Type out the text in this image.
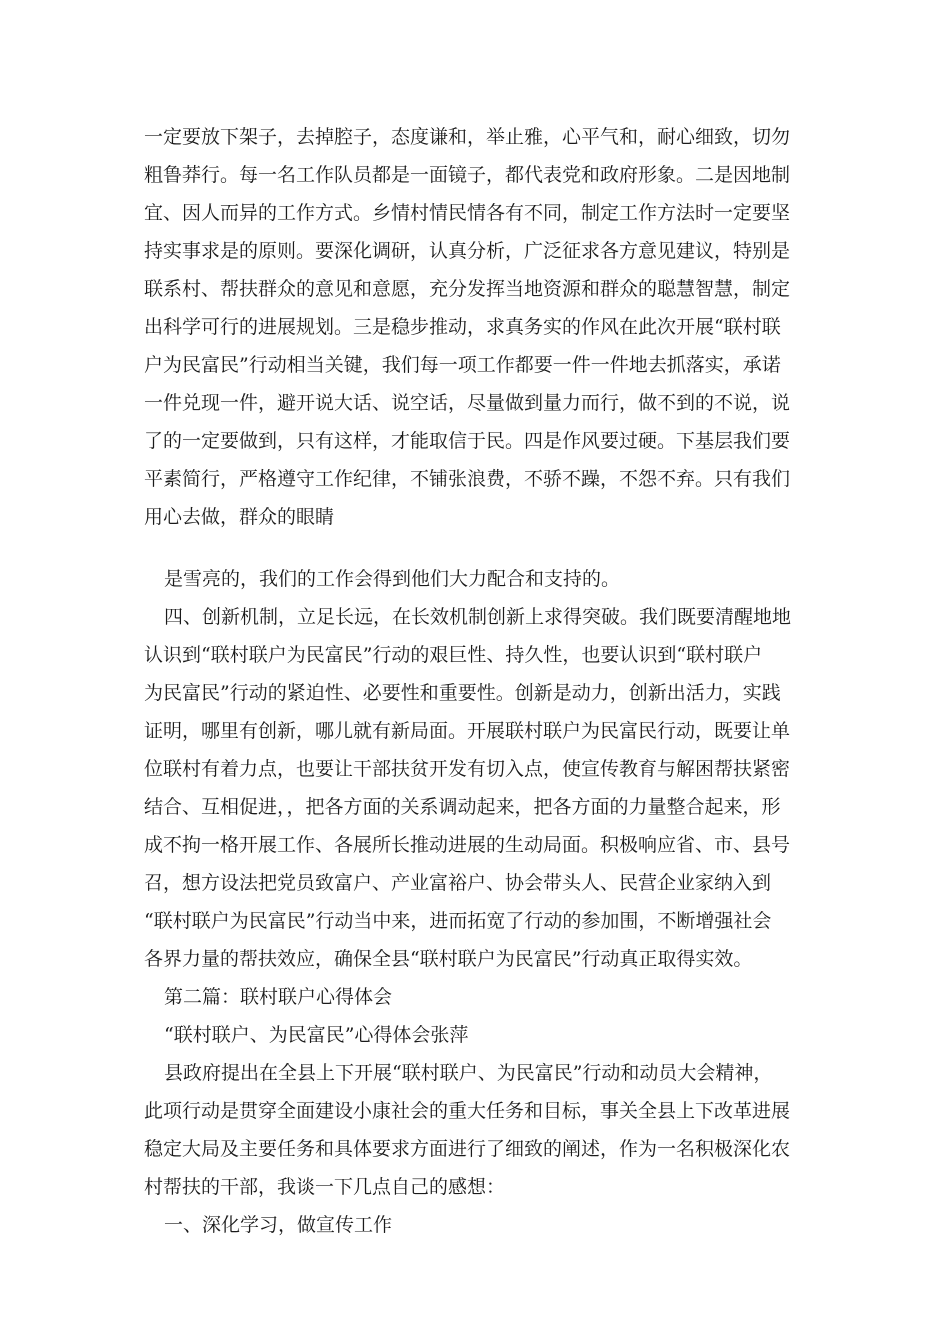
一定要放下架子，去掉腔子，态度谦和，举止雅，心平气和，耐心细致，切勿
粗鲁莽行。每一名工作队员都是一面镜子，都代表党和政府形象。二是因地制
宜、因人而异的工作方式。乡情村情民情各有不同，制定工作方法时一定要坚
持实事求是的原则。要深化调研，认真分析，广泛征求各方意见建议，特别是
联系村、帮扶群众的意见和意愿，充分发挥当地资源和群众的聪慧智慧，制定
出科学可行的进展规划。三是稳步推动，求真务实的作风在此次开展“联村联
户为民富民”行动相当关键，我们每一项工作都要一件一件地去抓落实，承诺
一件兑现一件，避开说大话、说空话，尽量做到量力而行，做不到的不说，说
了的一定要做到，只有这样，才能取信于民。四是作风要过硬。下基层我们要
平素简行，严格遵守工作纪律，不铺张浪费，不骄不躁，不怨不弃。只有我们
用心去做，群众的眼睛
是雪亮的，我们的工作会得到他们大力配合和支持的。
四、创新机制，立足长远，在长效机制创新上求得突破。我们既要清醒地地
认识到“联村联户为民富民”行动的艰巨性、持久性，也要认识到“联村联户
为民富民”行动的紧迫性、必要性和重要性。创新是动力，创新出活力，实践
证明，哪里有创新，哪儿就有新局面。开展联村联户为民富民行动，既要让单
位联村有着力点，也要让干部扶贫开发有切入点，使宣传教育与解困帮扶紧密
结合、互相促进，，把各方面的关系调动起来，把各方面的力量整合起来，形
成不拘一格开展工作、各展所长推动进展的生动局面。积极响应省、市、县号
召，想方设法把党员致富户、产业富裕户、协会带头人、民营企业家纳入到
“联村联户为民富民”行动当中来，进而拓宽了行动的参加围，不断增强社会
各界力量的帮扶效应，确保全县“联村联户为民富民”行动真正取得实效。
第二篇：联村联户心得体会
“联村联户、为民富民”心得体会张萍
县政府提出在全县上下开展“联村联户、为民富民”行动和动员大会精神，
此项行动是贯穿全面建设小康社会的重大任务和目标，事关全县上下改革进展
稳定大局及主要任务和具体要求方面进行了细致的阐述，作为一名积极深化农
村帮扶的干部，我谈一下几点自己的感想：
一、深化学习，做宣传工作
